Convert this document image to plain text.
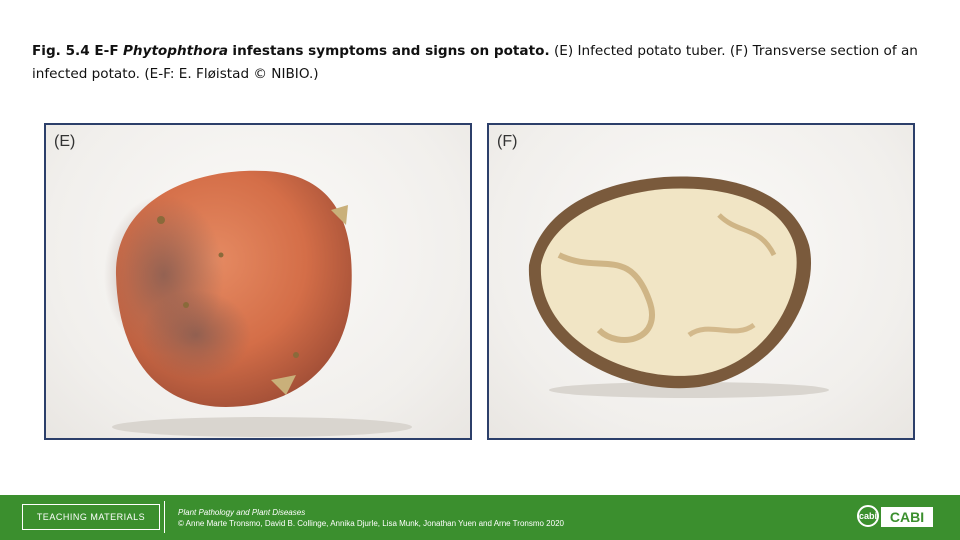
Fig. 5.4 E-F Phytophthora infestans symptoms and signs on potato. (E) Infected potato tuber. (F) Transverse section of an
infected potato. (E-F: E. Fløistad © NIBIO.)
(E)	(F)
TEACHING MATERIALS	Plant Pathology and Plant Diseases
© Anne Marte Tronsmo, David B. Collinge, Annika Djurle, Lisa Munk, Jonathan Yuen and Arne Tronsmo 2020
cabi CABI
